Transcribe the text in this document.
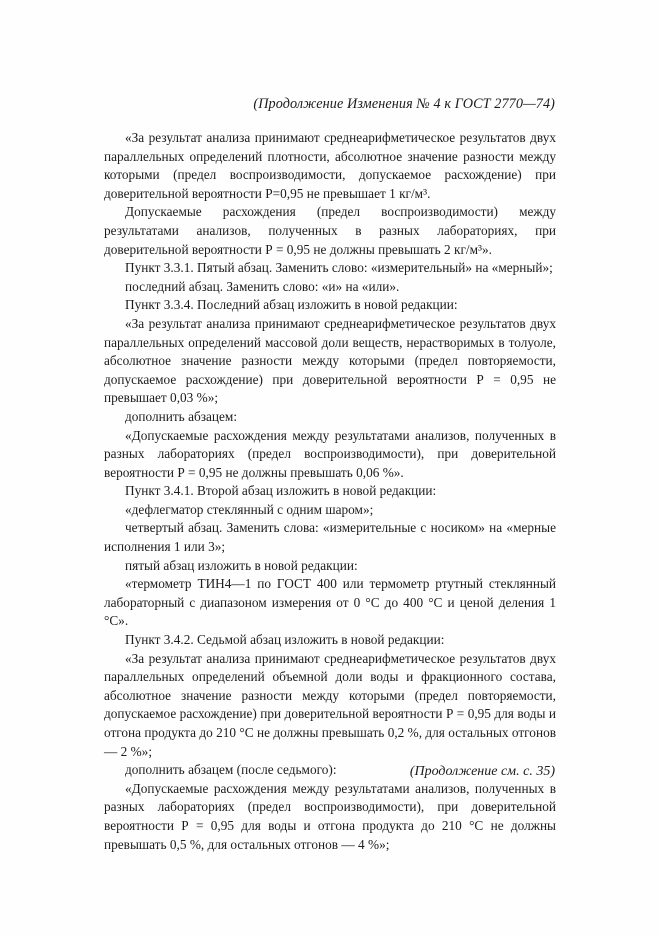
(Продолжение Изменения № 4 к ГОСТ 2770—74)

«За результат анализа принимают среднеарифметическое результатов двух параллельных определений плотности, абсолютное значение разности между которыми (предел воспроизводимости, допускаемое расхождение) при доверительной вероятности Р=0,95 не превышает 1 кг/м³.

Допускаемые расхождения (предел воспроизводимости) между результатами анализов, полученных в разных лабораториях, при доверительной вероятности Р = 0,95 не должны превышать 2 кг/м³».

Пункт 3.3.1. Пятый абзац. Заменить слово: «измерительный» на «мерный»;

последний абзац. Заменить слово: «и» на «или».

Пункт 3.3.4. Последний абзац изложить в новой редакции:

«За результат анализа принимают среднеарифметическое результатов двух параллельных определений массовой доли веществ, нерастворимых в толуоле, абсолютное значение разности между которыми (предел повторяемости, допускаемое расхождение) при доверительной вероятности Р = 0,95 не превышает 0,03 %»;

дополнить абзацем:

«Допускаемые расхождения между результатами анализов, полученных в разных лабораториях (предел воспроизводимости), при доверительной вероятности Р = 0,95 не должны превышать 0,06 %».

Пункт 3.4.1. Второй абзац изложить в новой редакции:

«дефлегматор стеклянный с одним шаром»;

четвертый абзац. Заменить слова: «измерительные с носиком» на «мерные исполнения 1 или 3»;

пятый абзац изложить в новой редакции:

«термометр ТИН4—1 по ГОСТ 400 или термометр ртутный стеклянный лабораторный с диапазоном измерения от 0 °С до 400 °С и ценой деления 1 °С».

Пункт 3.4.2. Седьмой абзац изложить в новой редакции:

«За результат анализа принимают среднеарифметическое результатов двух параллельных определений объемной доли воды и фракционного состава, абсолютное значение разности между которыми (предел повторяемости, допускаемое расхождение) при доверительной вероятности Р = 0,95 для воды и отгона продукта до 210 °С не должны превышать 0,2 %, для остальных отгонов — 2 %»;

дополнить абзацем (после седьмого):

«Допускаемые расхождения между результатами анализов, полученных в разных лабораториях (предел воспроизводимости), при доверительной вероятности Р = 0,95 для воды и отгона продукта до 210 °С не должны превышать 0,5 %, для остальных отгонов — 4 %»;

(Продолжение см. с. 35)
